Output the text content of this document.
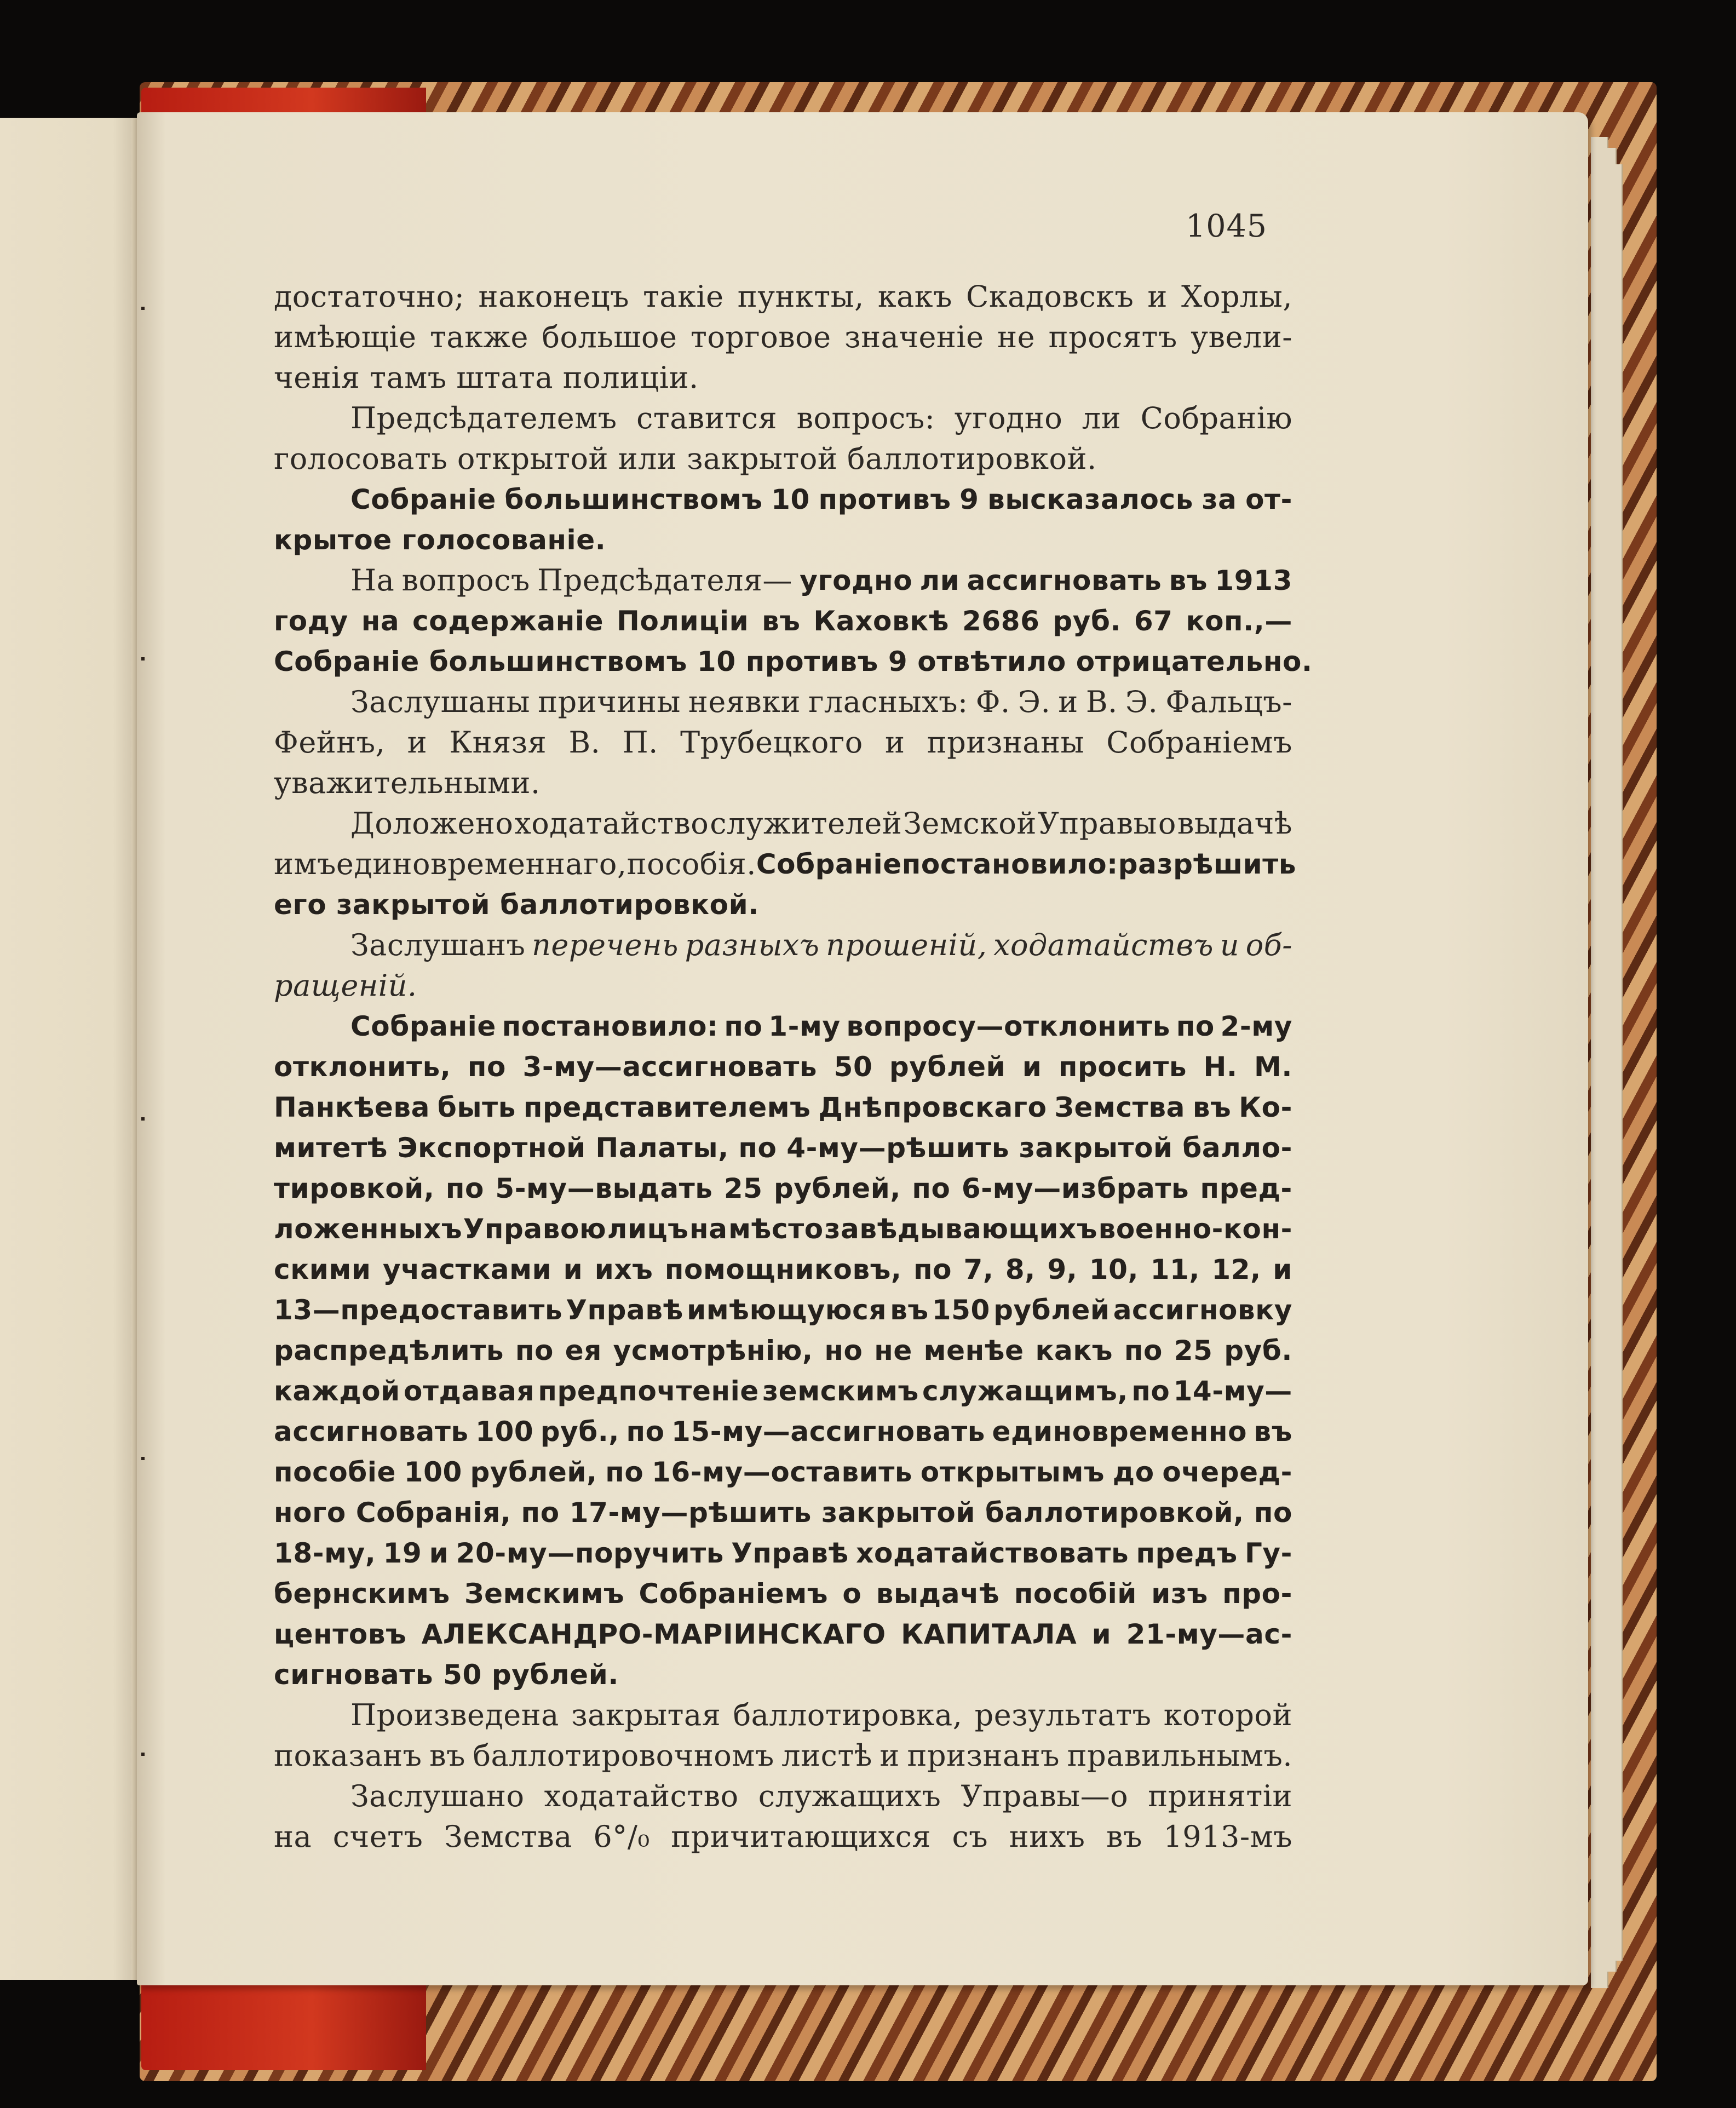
1045
достаточно; наконецъ такіе пункты, какъ Скадовскъ и Хорлы,
имѣющіе также большое торговое значеніе не просятъ увели-
ченія тамъ штата полиціи.
Предсѣдателемъ ставится вопросъ: угодно ли Собранію
голосовать открытой или закрытой баллотировкой.
Собраніе большинствомъ 10 противъ 9 высказалось за от-
крытое голосованіе.
На вопросъ Предсѣдателя— угодно ли ассигновать въ 1913
году на содержаніе Полиціи въ Каховкѣ 2686 руб. 67 коп.,—
Собраніе большинствомъ 10 противъ 9 отвѣтило отрицательно.
Заслушаны причины неявки гласныхъ: Ф. Э. и В. Э. Фальцъ-
Фейнъ, и Князя В. П. Трубецкого и признаны Собраніемъ
уважительными.
Доложено ходатайство служителей Земской Управы о выдачѣ
имъ единовременнаго, пособія. Собраніе постановило: разрѣшить
его закрытой баллотировкой.
Заслушанъ перечень разныхъ прошеній, ходатайствъ и об-
ращеній.
Собраніе постановило: по 1-му вопросу—отклонить по 2-му
отклонить, по 3-му—ассигновать 50 рублей и просить Н. М.
Панкѣева быть представителемъ Днѣпровскаго Земства въ Ко-
митетѣ Экспортной Палаты, по 4-му—рѣшить закрытой балло-
тировкой, по 5-му—выдать 25 рублей, по 6-му—избрать пред-
ложенныхъ Управою лицъ на мѣсто завѣдывающихъ военно-кон-
скими участками и ихъ помощниковъ, по 7, 8, 9, 10, 11, 12, и
13—предоставить Управѣ имѣющуюся въ 150 рублей ассигновку
распредѣлить по ея усмотрѣнію, но не менѣе какъ по 25 руб.
каждой отдавая предпочтеніе земскимъ служащимъ, по 14-му—
ассигновать 100 руб., по 15-му—ассигновать единовременно въ
пособіе 100 рублей, по 16-му—оставить открытымъ до очеред-
ного Собранія, по 17-му—рѣшить закрытой баллотировкой, по
18-му, 19 и 20-му—поручить Управѣ ходатайствовать предъ Гу-
бернскимъ Земскимъ Собраніемъ о выдачѣ пособій изъ про-
центовъ АЛЕКСАНДРО-МАРІИНСКАГО КАПИТАЛА и 21-му—ас-
сигновать 50 рублей.
Произведена закрытая баллотировка, результатъ которой
показанъ въ баллотировочномъ листѣ и признанъ правильнымъ.
Заслушано ходатайство служащихъ Управы—о принятіи
на счетъ Земства 6°/₀ причитающихся съ нихъ въ 1913-мъ
